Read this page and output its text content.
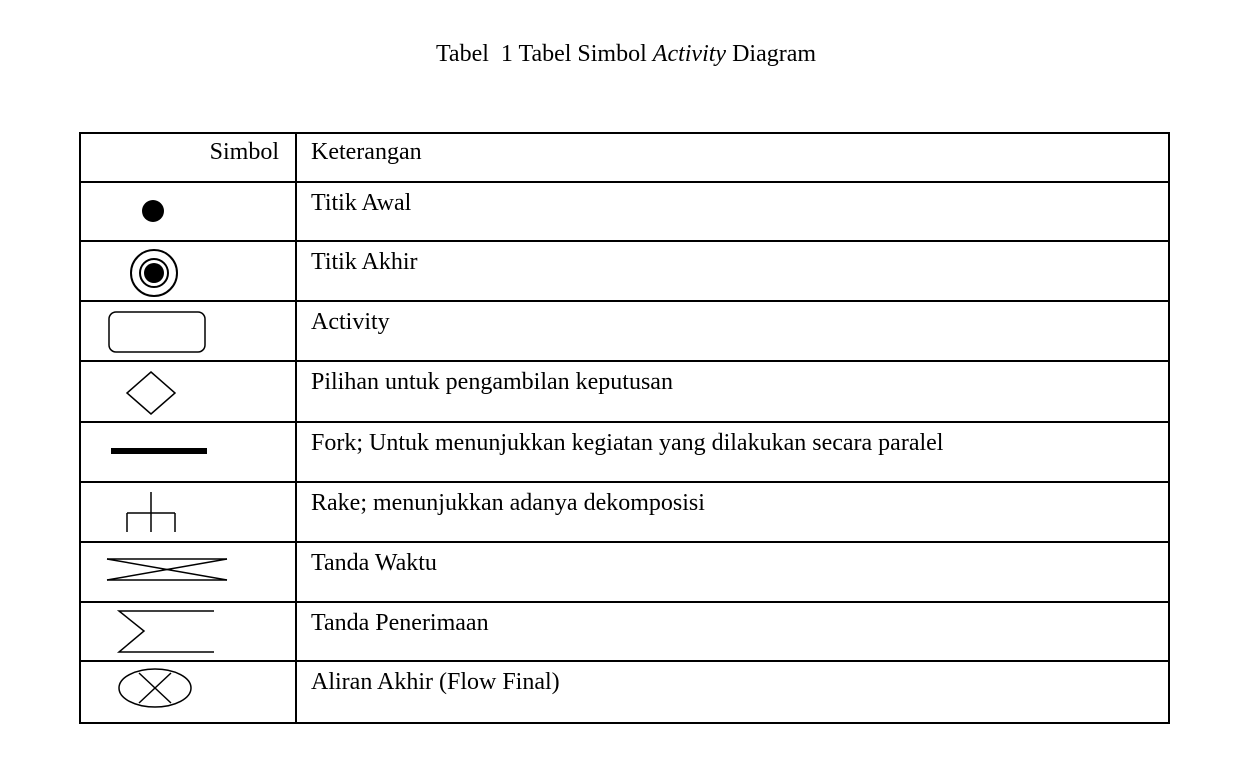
Tabel  1 Tabel Simbol Activity Diagram
Simbol	Keterangan
Titik Awal
Titik Akhir
Activity
Pilihan untuk pengambilan keputusan
Fork; Untuk menunjukkan kegiatan yang dilakukan secara paralel
Rake; menunjukkan adanya dekomposisi
Tanda Waktu
Tanda Penerimaan
Aliran Akhir (Flow Final)
